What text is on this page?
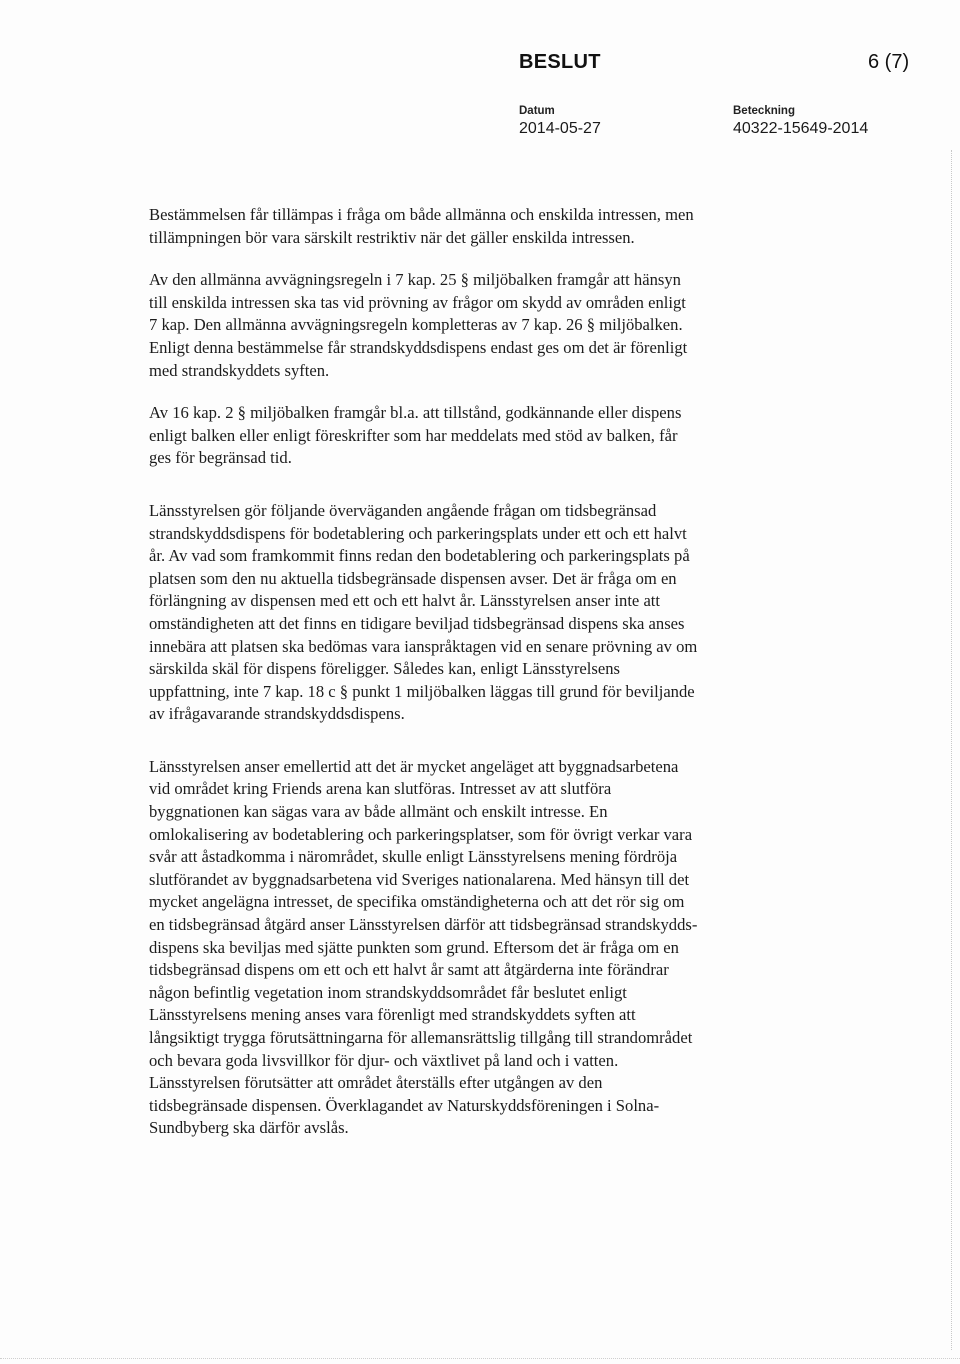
BESLUT	6 (7)
Datum
2014-05-27
Beteckning
40322-15649-2014

Bestämmelsen får tillämpas i fråga om både allmänna och enskilda intressen, men
tillämpningen bör vara särskilt restriktiv när det gäller enskilda intressen.

Av den allmänna avvägningsregeln i 7 kap. 25 § miljöbalken framgår att hänsyn
till enskilda intressen ska tas vid prövning av frågor om skydd av områden enligt
7 kap. Den allmänna avvägningsregeln kompletteras av 7 kap. 26 § miljöbalken.
Enligt denna bestämmelse får strandskyddsdispens endast ges om det är förenligt
med strandskyddets syften.

Av 16 kap. 2 § miljöbalken framgår bl.a. att tillstånd, godkännande eller dispens
enligt balken eller enligt föreskrifter som har meddelats med stöd av balken, får
ges för begränsad tid.

Länsstyrelsen gör följande överväganden angående frågan om tidsbegränsad
strandskyddsdispens för bodetablering och parkeringsplats under ett och ett halvt
år. Av vad som framkommit finns redan den bodetablering och parkeringsplats på
platsen som den nu aktuella tidsbegränsade dispensen avser. Det är fråga om en
förlängning av dispensen med ett och ett halvt år. Länsstyrelsen anser inte att
omständigheten att det finns en tidigare beviljad tidsbegränsad dispens ska anses
innebära att platsen ska bedömas vara ianspråktagen vid en senare prövning av om
särskilda skäl för dispens föreligger. Således kan, enligt Länsstyrelsens
uppfattning, inte 7 kap. 18 c § punkt 1 miljöbalken läggas till grund för beviljande
av ifrågavarande strandskyddsdispens.

Länsstyrelsen anser emellertid att det är mycket angeläget att byggnadsarbetena
vid området kring Friends arena kan slutföras. Intresset av att slutföra
byggnationen kan sägas vara av både allmänt och enskilt intresse. En
omlokalisering av bodetablering och parkeringsplatser, som för övrigt verkar vara
svår att åstadkomma i närområdet, skulle enligt Länsstyrelsens mening fördröja
slutförandet av byggnadsarbetena vid Sveriges nationalarena. Med hänsyn till det
mycket angelägna intresset, de specifika omständigheterna och att det rör sig om
en tidsbegränsad åtgärd anser Länsstyrelsen därför att tidsbegränsad strandskydds-
dispens ska beviljas med sjätte punkten som grund. Eftersom det är fråga om en
tidsbegränsad dispens om ett och ett halvt år samt att åtgärderna inte förändrar
någon befintlig vegetation inom strandskyddsområdet får beslutet enligt
Länsstyrelsens mening anses vara förenligt med strandskyddets syften att
långsiktigt trygga förutsättningarna för allemansrättslig tillgång till strandområdet
och bevara goda livsvillkor för djur- och växtlivet på land och i vatten.
Länsstyrelsen förutsätter att området återställs efter utgången av den
tidsbegränsade dispensen. Överklagandet av Naturskyddsföreningen i Solna-
Sundbyberg ska därför avslås.
